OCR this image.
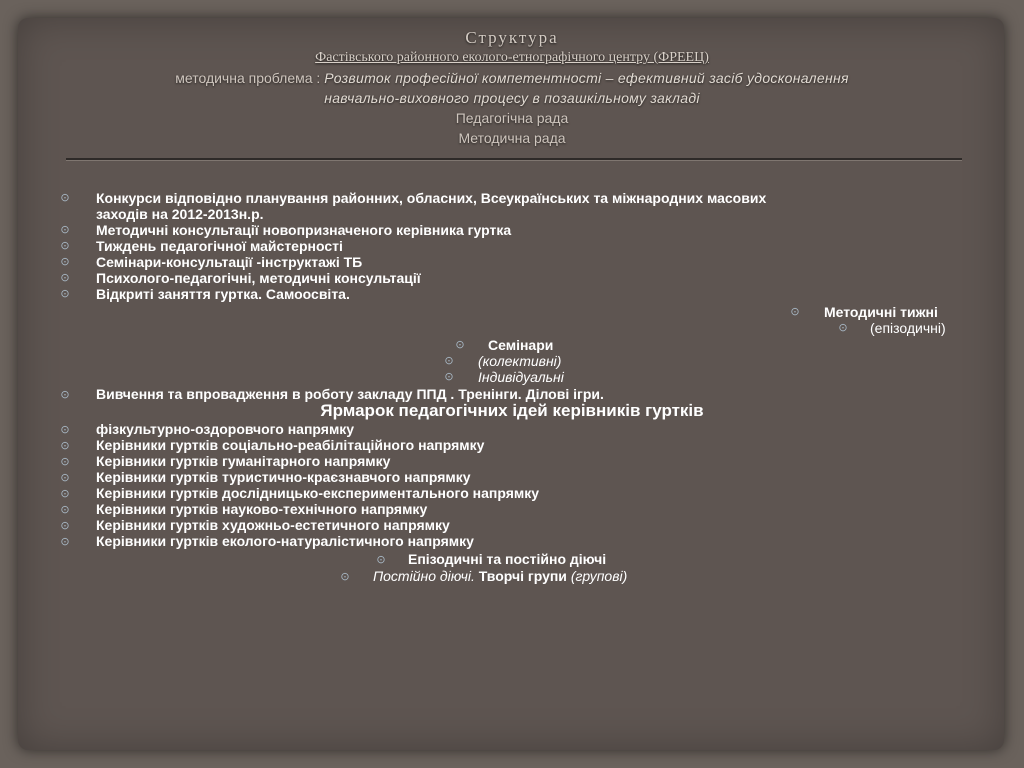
Структура
Фастівського районного еколого-етнографічного центру (ФРЕЕЦ)
методична проблема : Розвиток професійної компетентності – ефективний засіб удосконалення
навчально-виховного процесу в позашкільному закладі
Педагогічна рада
Методична рада
⊙ Конкурси відповідно планування районних, обласних, Всеукраїнських та міжнародних масових
заходів на 2012-2013н.р.
⊙ Методичні консультації новопризначеного керівника гуртка
⊙ Тиждень педагогічної майстерності
⊙ Семінари-консультації -інструктажі ТБ
⊙ Психолого-педагогічні, методичні консультації
⊙ Відкриті заняття гуртка. Самоосвіта.
⊙ Методичні тижні
⊙ (епізодичні)
⊙ Семінари
⊙ (колективні)
⊙ Індивідуальні
⊙ Вивчення та впровадження в роботу закладу ППД . Тренінги. Ділові ігри.
Ярмарок педагогічних ідей керівників гуртків
⊙ фізкультурно-оздоровчого напрямку
⊙ Керівники гуртків соціально-реабілітаційного напрямку
⊙ Керівники гуртків гуманітарного напрямку
⊙ Керівники гуртків туристично-краєзнавчого напрямку
⊙ Керівники гуртків дослідницько-експериментального напрямку
⊙ Керівники гуртків науково-технічного напрямку
⊙ Керівники гуртків художньо-естетичного напрямку
⊙ Керівники гуртків еколого-натуралістичного напрямку
⊙ Епізодичні та постійно діючі
⊙ Постійно діючі. Творчі групи (групові)
